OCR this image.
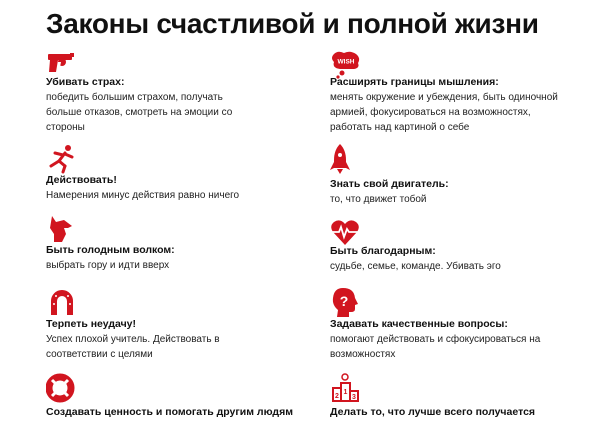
Законы счастливой и полной жизни
Убивать страх:
победить большим страхом, получать
больше отказов, смотреть на эмоции со
стороны
Действовать!
Намерения минус действия равно ничего
Быть голодным волком:
выбрать гору и идти вверх
Терпеть неудачу!
Успех плохой учитель. Действовать в
соответствии с целями
Создавать ценность и помогать другим людям
WISH
Расширять границы мышления:
менять окружение и убеждения, быть одиночной
армией, фокусироваться на возможностях,
работать над картиной о себе
Знать свой двигатель:
то, что движет тобой
Быть благодарным:
судьбе, семье, команде. Убивать эго
?
Задавать качественные вопросы:
помогают действовать и сфокусироваться на
возможностях
1
2 3
Делать то, что лучше всего получается
